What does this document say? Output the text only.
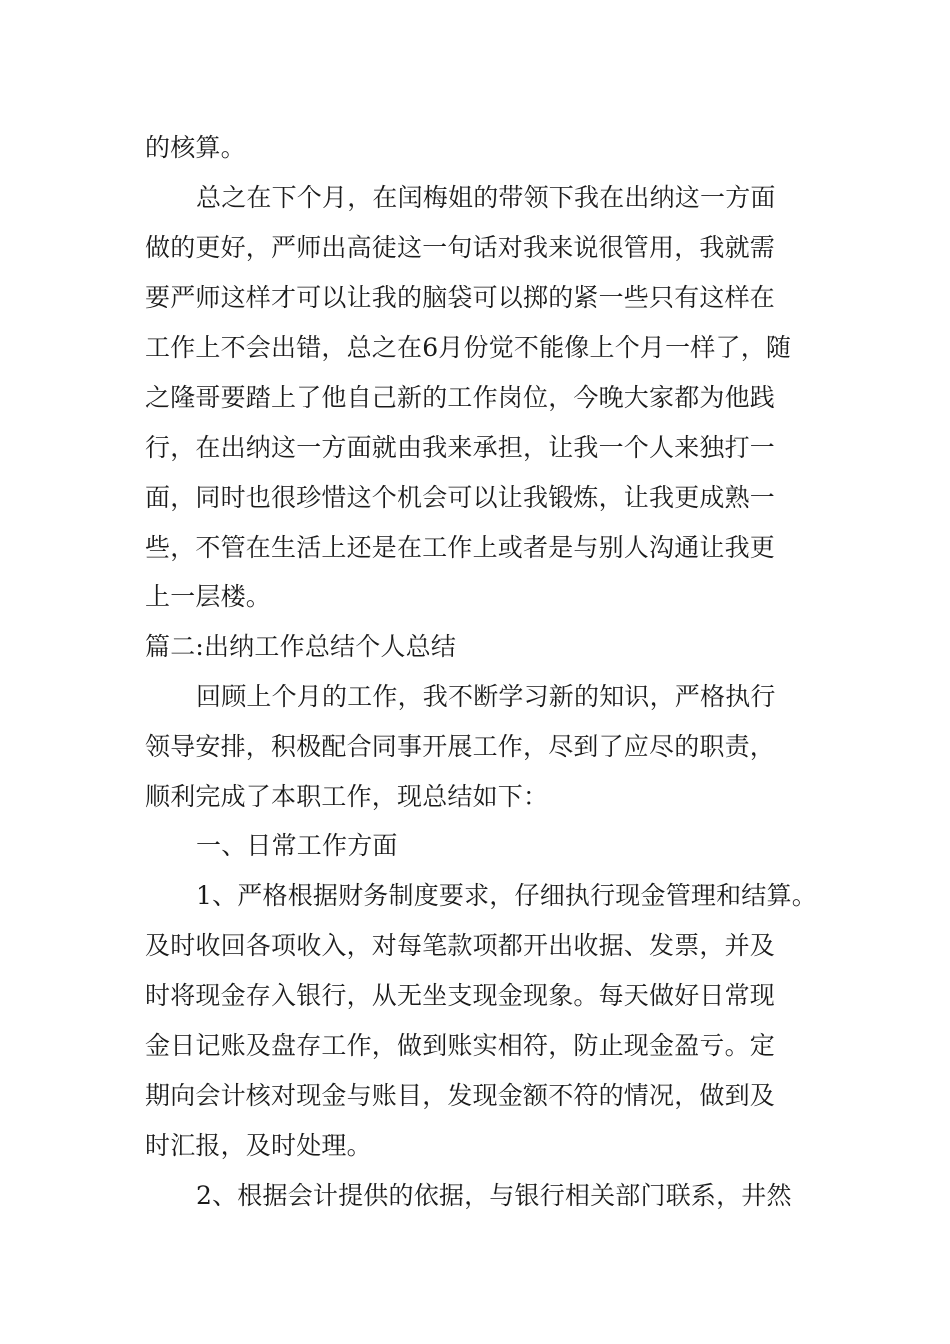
的核算。
总之在下个月，在闰梅姐的带领下我在出纳这一方面
做的更好，严师出高徒这一句话对我来说很管用，我就需
要严师这样才可以让我的脑袋可以掷的紧一些只有这样在
工作上不会出错，总之在6月份觉不能像上个月一样了，随
之隆哥要踏上了他自己新的工作岗位，今晚大家都为他践
行，在出纳这一方面就由我来承担，让我一个人来独打一
面，同时也很珍惜这个机会可以让我锻炼，让我更成熟一
些，不管在生活上还是在工作上或者是与别人沟通让我更
上一层楼。
篇二:出纳工作总结个人总结
回顾上个月的工作，我不断学习新的知识，严格执行
领导安排，积极配合同事开展工作，尽到了应尽的职责，
顺利完成了本职工作，现总结如下：
一、日常工作方面
1、严格根据财务制度要求，仔细执行现金管理和结算。
及时收回各项收入，对每笔款项都开出收据、发票，并及
时将现金存入银行，从无坐支现金现象。每天做好日常现
金日记账及盘存工作，做到账实相符，防止现金盈亏。定
期向会计核对现金与账目，发现金额不符的情况，做到及
时汇报，及时处理。
2、根据会计提供的依据，与银行相关部门联系，井然
